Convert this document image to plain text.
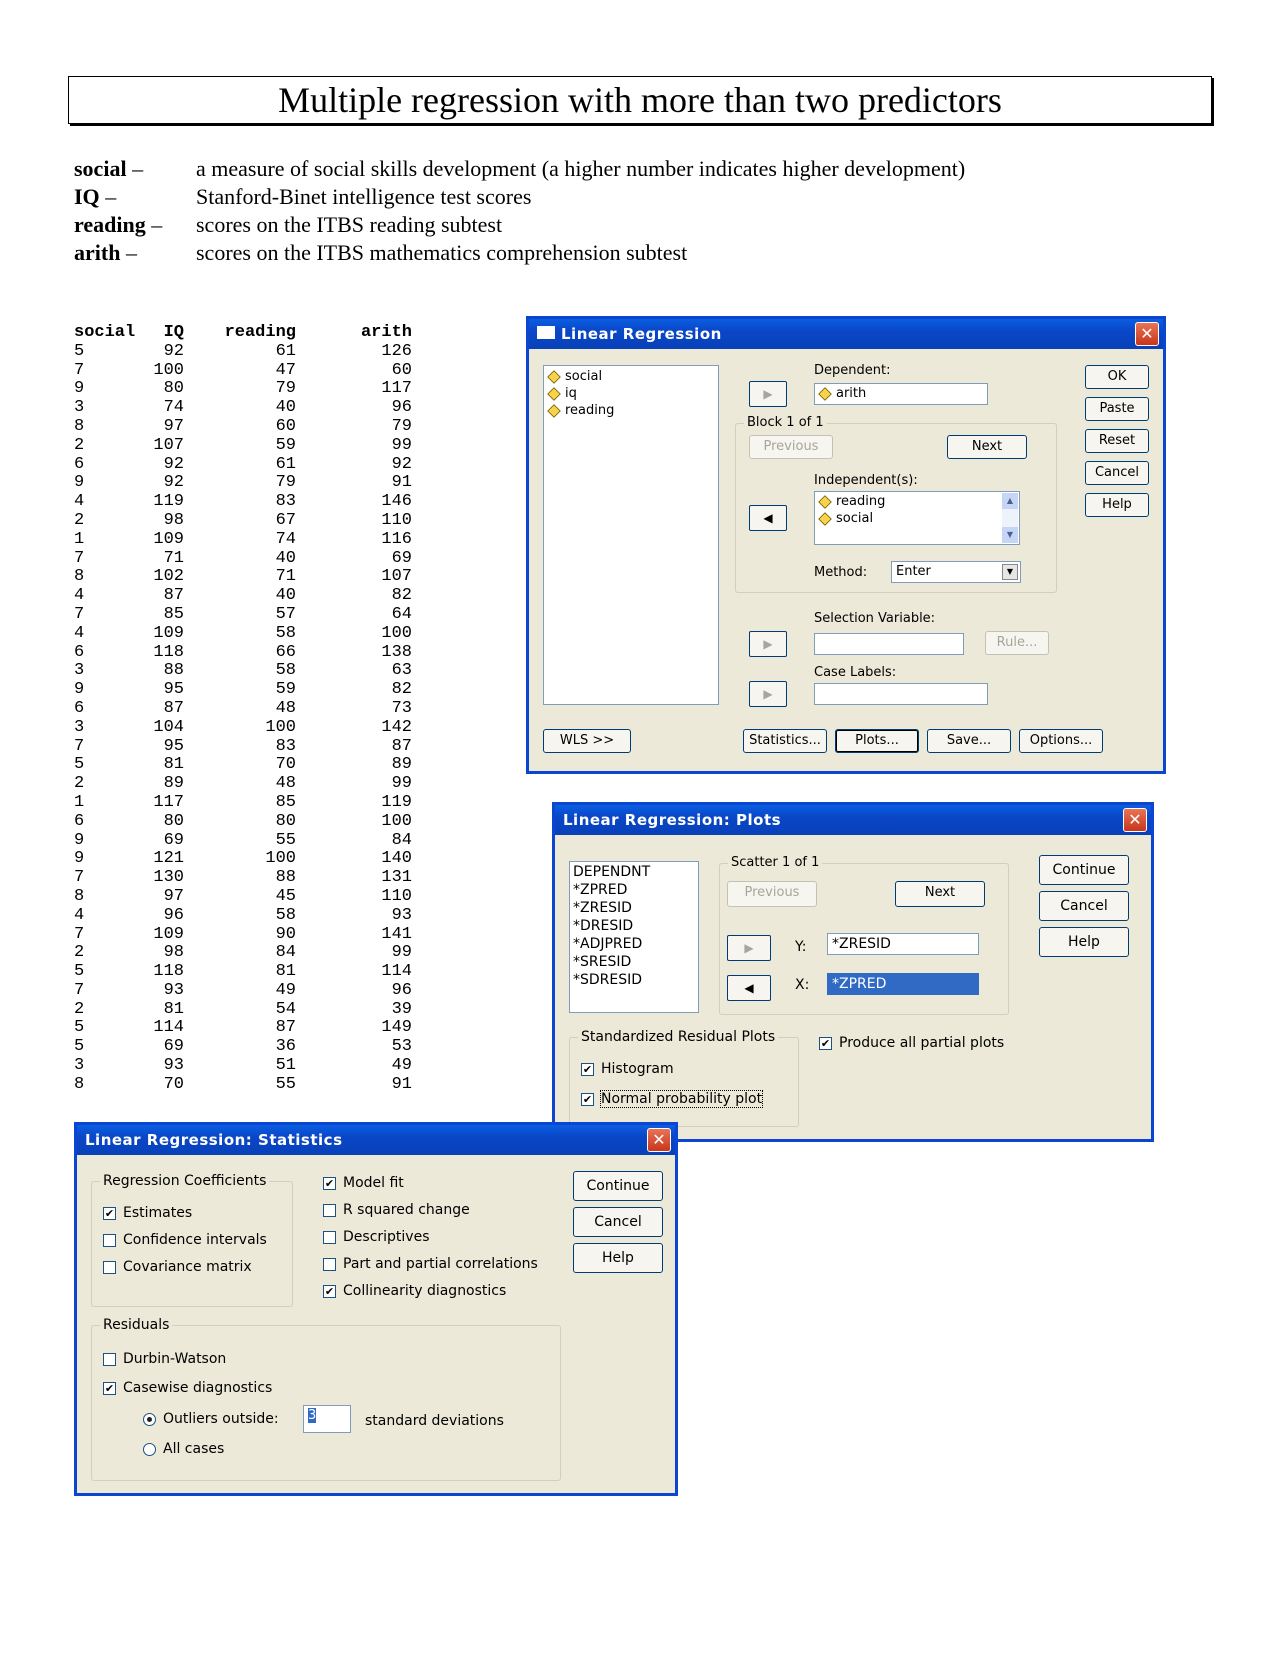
Multiple regression with more than two predictors
social – a measure of social skills development (a higher number indicates higher development)
IQ –	Stanford-Binet intelligence test scores
reading – scores on the ITBS reading subtest
arith –	scores on the ITBS mathematics comprehension subtest
social IQ reading	arith
5	92	61	126
7	100	47	60
9	80	79	117
3	74	40	96
8	97	60	79
2	107	59	99
6	92	61	92
9	92	79	91
4	119	83	146
2	98	67	110
1	109	74	116
7	71	40	69
8	102	71	107
4	87	40	82
7	85	57	64
4	109	58	100
6	118	66	138
3	88	58	63
9	95	59	82
6	87	48	73
3	104	100	142
7	95	83	87
5	81	70	89
2	89	48	99
1	117	85	119
6	80	80	100
9	69	55	84
9	121	100	140
7	130	88	131
8	97	45	110
4	96	58	93
7	109	90	141
2	98	84	99
5	118	81	114
7	93	49	96
2	81	54	39
5	114	87	149
5	69	36	53
3	93	51	49
8	70	55	91
Linear Regression	✕
social
iq
reading
▶
Dependent:
arith
Block 1 of 1
Previous	Next
Independent(s):
◀
reading
social
▲
▼
Method:	Enter	▼
Selection Variable:
▶	Rule...
Case Labels:
▶
OK
Paste
Reset
Cancel
Help
WLS >>	Statistics...	Plots...	Save...	Options...
Linear Regression: Plots	✕
DEPENDNT
*ZPRED
*ZRESID
*DRESID
*ADJPRED
*SRESID
*SDRESID
Scatter 1 of 1
Previous	Next
▶	Y:	*ZRESID
◀	X:	*ZPRED
Continue
Cancel
Help
Standardized Residual Plots
✔ Histogram
✔ Normal probability plot
✔ Produce all partial plots
Linear Regression: Statistics	✕
Regression Coefficients
✔ Estimates
Confidence intervals
Covariance matrix
✔ Model fit
R squared change
Descriptives
Part and partial correlations
✔ Collinearity diagnostics
Continue
Cancel
Help
Residuals
Durbin-Watson
✔ Casewise diagnostics
Outliers outside:	3	standard deviations
All cases
